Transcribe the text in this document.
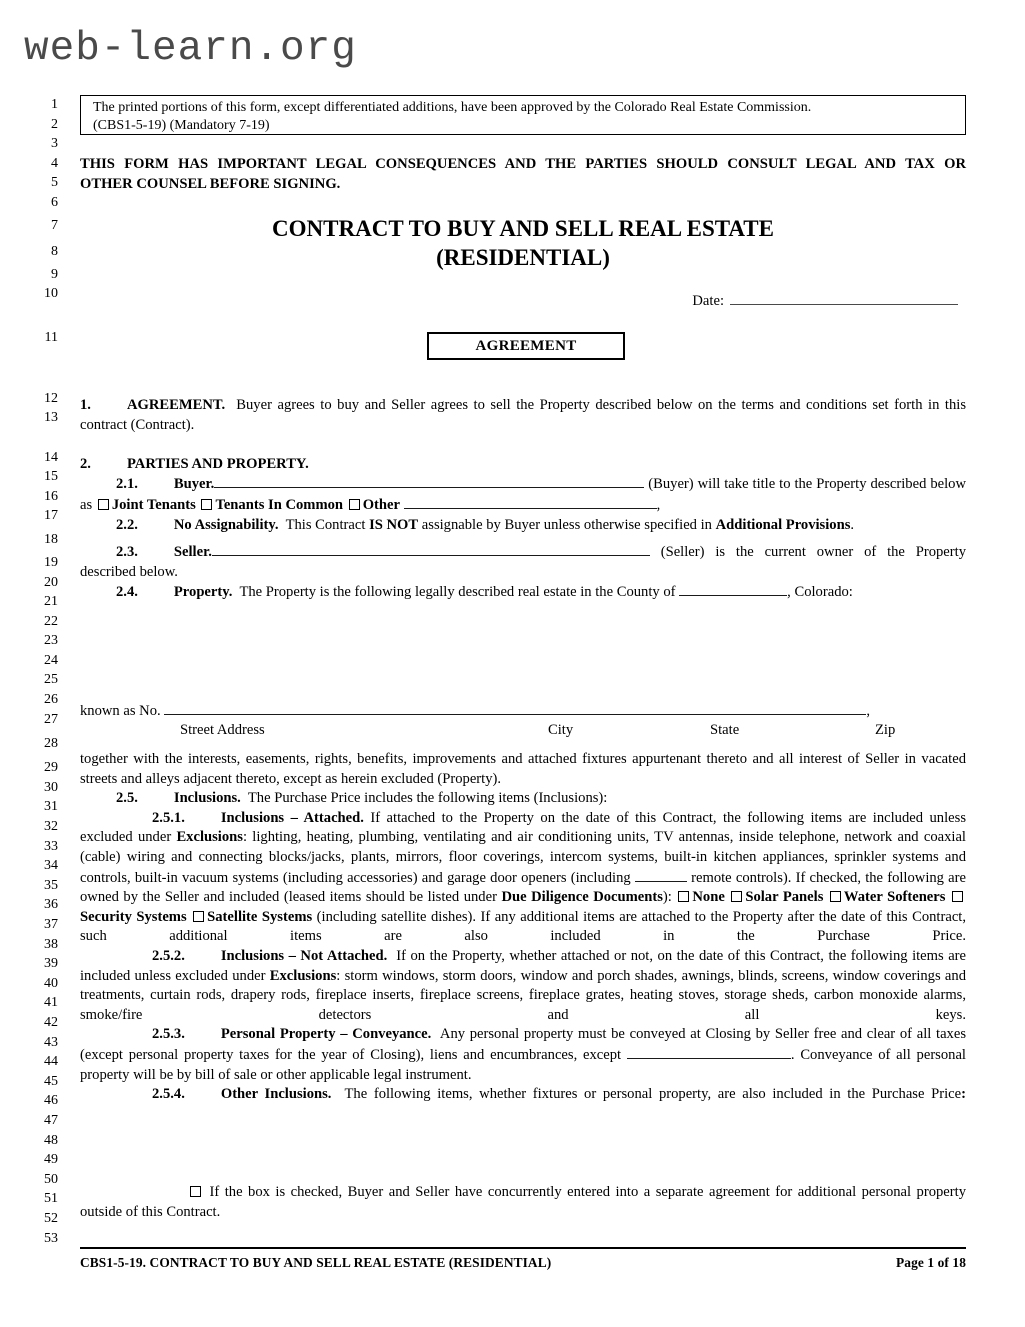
web-learn.org
1
2
3
4
5
6
7
8
9
10
11
12
13
14
15
16
17
18
19
20
21
22
23
24
25
26
27
28
29
30
31
32
33
34
35
36
37
38
39
40
41
42
43
44
45
46
47
48
49
50
51
52
53
The printed portions of this form, except differentiated additions, have been approved by the Colorado Real Estate Commission.
(CBS1-5-19) (Mandatory 7-19)
THIS FORM HAS IMPORTANT LEGAL CONSEQUENCES AND THE PARTIES SHOULD CONSULT LEGAL AND TAX OR
OTHER COUNSEL BEFORE SIGNING.
CONTRACT TO BUY AND SELL REAL ESTATE
(RESIDENTIAL)
Date:
AGREEMENT

1. AGREEMENT. Buyer agrees to buy and Seller agrees to sell the Property described below on the terms and conditions set forth in this contract (Contract).

2. PARTIES AND PROPERTY.

2.1. Buyer.	(Buyer) will take title to the Property described below as Joint Tenants Tenants In Common Other	,

2.2. No Assignability. This Contract IS NOT assignable by Buyer unless otherwise specified in Additional Provisions.

2.3. Seller.	(Seller) is the current owner of the Property described below.

2.4. Property. The Property is the following legally described real estate in the County of	, Colorado:

known as No.	,

Street Address	City	State	Zip

together with the interests, easements, rights, benefits, improvements and attached fixtures appurtenant thereto and all interest of Seller in vacated streets and alleys adjacent thereto, except as herein excluded (Property).

2.5. Inclusions. The Purchase Price includes the following items (Inclusions):

2.5.1. Inclusions – Attached. If attached to the Property on the date of this Contract, the following items are included unless excluded under Exclusions: lighting, heating, plumbing, ventilating and air conditioning units, TV antennas, inside telephone, network and coaxial (cable) wiring and connecting blocks/jacks, plants, mirrors, floor coverings, intercom systems, built-in kitchen appliances, sprinkler systems and controls, built-in vacuum systems (including accessories) and garage door openers (including	remote controls). If checked, the following are owned by the Seller and included (leased items should be listed under Due Diligence Documents): None Solar Panels Water Softeners Security Systems Satellite Systems (including satellite dishes). If any additional items are attached to the Property after the date of this Contract, such additional items are also included in the Purchase Price.

2.5.2. Inclusions – Not Attached. If on the Property, whether attached or not, on the date of this Contract, the following items are included unless excluded under Exclusions: storm windows, storm doors, window and porch shades, awnings, blinds, screens, window coverings and treatments, curtain rods, drapery rods, fireplace inserts, fireplace screens, fireplace grates, heating stoves, storage sheds, carbon monoxide alarms, smoke/fire detectors and all keys.

2.5.3. Personal Property – Conveyance. Any personal property must be conveyed at Closing by Seller free and clear of all taxes (except personal property taxes for the year of Closing), liens and encumbrances, except	. Conveyance of all personal property will be by bill of sale or other applicable legal instrument.

2.5.4. Other Inclusions. The following items, whether fixtures or personal property, are also included in the Purchase Price:

If the box is checked, Buyer and Seller have concurrently entered into a separate agreement for additional personal property outside of this Contract.

CBS1-5-19. CONTRACT TO BUY AND SELL REAL ESTATE (RESIDENTIAL)	Page 1 of 18
